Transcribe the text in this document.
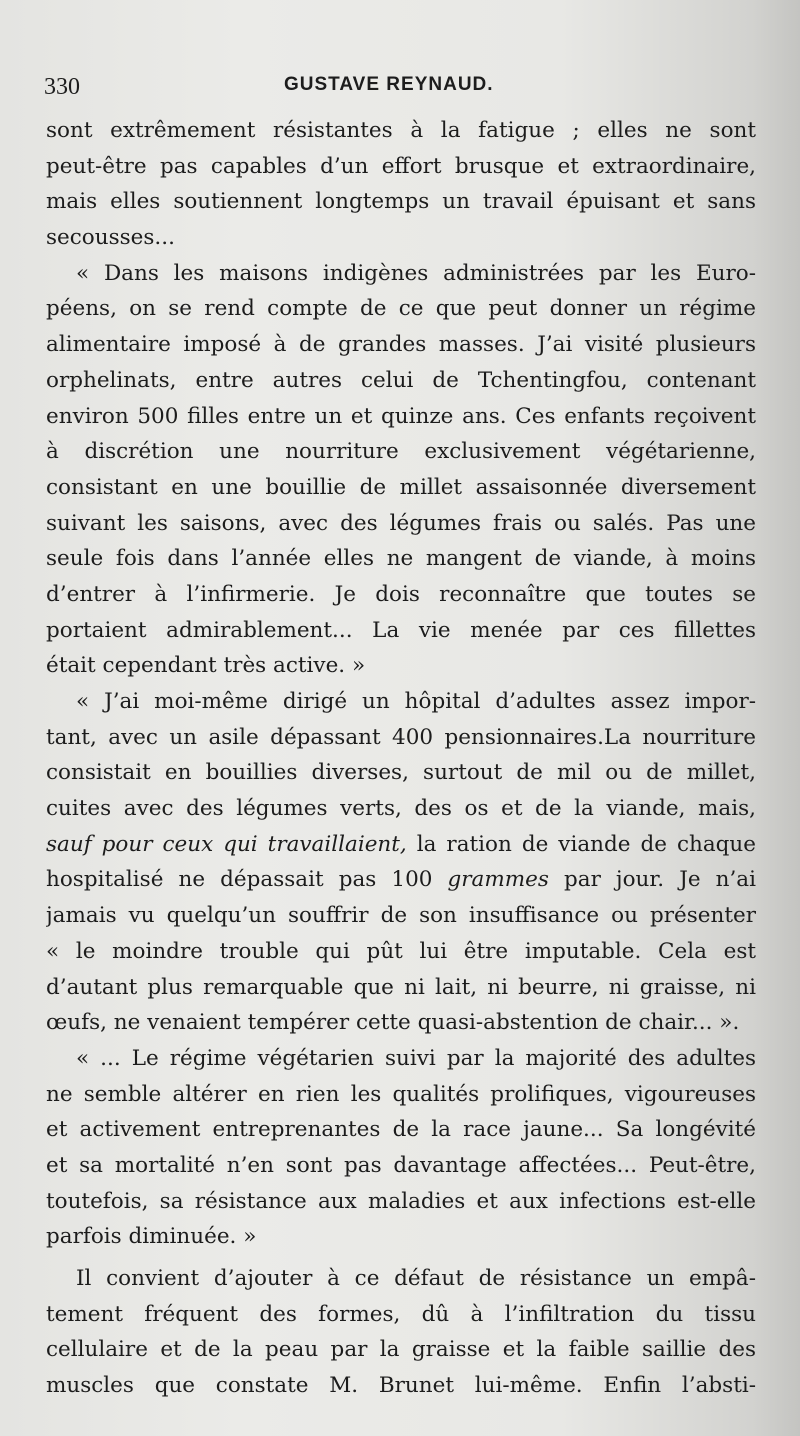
330	GUSTAVE REYNAUD.
sont extrêmement résistantes à la fatigue ; elles ne sont
peut-être pas capables d’un effort brusque et extraordinaire,
mais elles soutiennent longtemps un travail épuisant et sans
secousses...
« Dans les maisons indigènes administrées par les Euro-
péens, on se rend compte de ce que peut donner un régime
alimentaire imposé à de grandes masses. J’ai visité plusieurs
orphelinats, entre autres celui de Tchentingfou, contenant
environ 500 filles entre un et quinze ans. Ces enfants reçoivent
à discrétion une nourriture exclusivement végétarienne,
consistant en une bouillie de millet assaisonnée diversement
suivant les saisons, avec des légumes frais ou salés. Pas une
seule fois dans l’année elles ne mangent de viande, à moins
d’entrer à l’infirmerie. Je dois reconnaître que toutes se
portaient admirablement... La vie menée par ces fillettes
était cependant très active. »
« J’ai moi-même dirigé un hôpital d’adultes assez impor-
tant, avec un asile dépassant 400 pensionnaires.La nourriture
consistait en bouillies diverses, surtout de mil ou de millet,
cuites avec des légumes verts, des os et de la viande, mais,
sauf pour ceux qui travaillaient, la ration de viande de chaque
hospitalisé ne dépassait pas 100 grammes par jour. Je n’ai
jamais vu quelqu’un souffrir de son insuffisance ou présenter
« le moindre trouble qui pût lui être imputable. Cela est
d’autant plus remarquable que ni lait, ni beurre, ni graisse, ni
œufs, ne venaient tempérer cette quasi-abstention de chair... ».
« ... Le régime végétarien suivi par la majorité des adultes
ne semble altérer en rien les qualités prolifiques, vigoureuses
et activement entreprenantes de la race jaune... Sa longévité
et sa mortalité n’en sont pas davantage affectées... Peut-être,
toutefois, sa résistance aux maladies et aux infections est-elle
parfois diminuée. »
Il convient d’ajouter à ce défaut de résistance un empâ-
tement fréquent des formes, dû à l’infiltration du tissu
cellulaire et de la peau par la graisse et la faible saillie des
muscles que constate M. Brunet lui-même. Enfin l’absti-
